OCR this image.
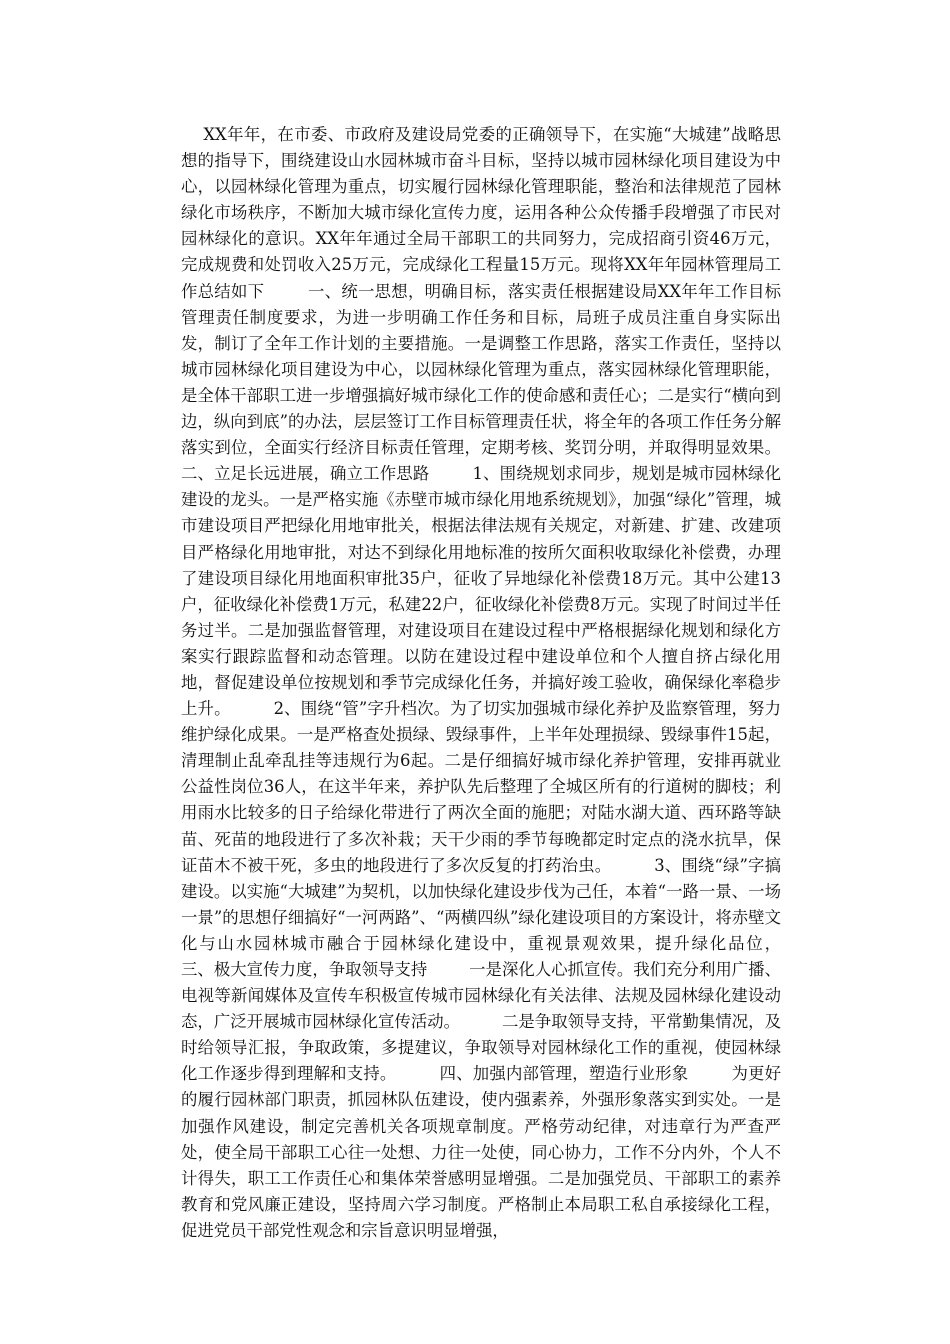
XX年年，在市委、市政府及建设局党委的正确领导下，在实施“大城建”战略思想的指导下，围绕建设山水园林城市奋斗目标，坚持以城市园林绿化项目建设为中心，以园林绿化管理为重点，切实履行园林绿化管理职能，整治和法律规范了园林绿化市场秩序，不断加大城市绿化宣传力度，运用各种公众传播手段增强了市民对园林绿化的意识。XX年年通过全局干部职工的共同努力，完成招商引资46万元，完成规费和处罚收入25万元，完成绿化工程量15万元。现将XX年年园林管理局工作总结如下        一、统一思想，明确目标，落实责任根据建设局XX年年工作目标管理责任制度要求，为进一步明确工作任务和目标，局班子成员注重自身实际出发，制订了全年工作计划的主要措施。一是调整工作思路，落实工作责任，坚持以城市园林绿化项目建设为中心，以园林绿化管理为重点，落实园林绿化管理职能，是全体干部职工进一步增强搞好城市绿化工作的使命感和责任心；二是实行“横向到边，纵向到底”的办法，层层签订工作目标管理责任状，将全年的各项工作任务分解落实到位，全面实行经济目标责任管理，定期考核、奖罚分明，并取得明显效果。        二、立足长远进展，确立工作思路        1、围绕规划求同步，规划是城市园林绿化建设的龙头。一是严格实施《赤壁市城市绿化用地系统规划》，加强“绿化”管理，城市建设项目严把绿化用地审批关，根据法律法规有关规定，对新建、扩建、改建项目严格绿化用地审批，对达不到绿化用地标准的按所欠面积收取绿化补偿费，办理了建设项目绿化用地面积审批35户，征收了异地绿化补偿费18万元。其中公建13户，征收绿化补偿费1万元，私建22户，征收绿化补偿费8万元。实现了时间过半任务过半。二是加强监督管理，对建设项目在建设过程中严格根据绿化规划和绿化方案实行跟踪监督和动态管理。以防在建设过程中建设单位和个人擅自挤占绿化用地，督促建设单位按规划和季节完成绿化任务，并搞好竣工验收，确保绿化率稳步上升。        2、围绕“管”字升档次。为了切实加强城市绿化养护及监察管理，努力维护绿化成果。一是严格查处损绿、毁绿事件，上半年处理损绿、毁绿事件15起，清理制止乱牵乱挂等违规行为6起。二是仔细搞好城市绿化养护管理，安排再就业公益性岗位36人，在这半年来，养护队先后整理了全城区所有的行道树的脚枝；利用雨水比较多的日子给绿化带进行了两次全面的施肥；对陆水湖大道、西环路等缺苗、死苗的地段进行了多次补栽；天干少雨的季节每晚都定时定点的浇水抗旱，保证苗木不被干死，多虫的地段进行了多次反复的打药治虫。        3、围绕“绿”字搞建设。以实施“大城建”为契机，以加快绿化建设步伐为己任，本着“一路一景、一场一景”的思想仔细搞好“一河两路”、“两横四纵”绿化建设项目的方案设计，将赤壁文化与山水园林城市融合于园林绿化建设中，重视景观效果，提升绿化品位，        三、极大宣传力度，争取领导支持        一是深化人心抓宣传。我们充分利用广播、电视等新闻媒体及宣传车积极宣传城市园林绿化有关法律、法规及园林绿化建设动态，广泛开展城市园林绿化宣传活动。        二是争取领导支持，平常勤集情况，及时给领导汇报，争取政策，多提建议，争取领导对园林绿化工作的重视，使园林绿化工作逐步得到理解和支持。        四、加强内部管理，塑造行业形象        为更好的履行园林部门职责，抓园林队伍建设，使内强素养，外强形象落实到实处。一是加强作风建设，制定完善机关各项规章制度。严格劳动纪律，对违章行为严查严处，使全局干部职工心往一处想、力往一处使，同心协力，工作不分内外，个人不计得失，职工工作责任心和集体荣誉感明显增强。二是加强党员、干部职工的素养教育和党风廉正建设，坚持周六学习制度。严格制止本局职工私自承接绿化工程，促进党员干部党性观念和宗旨意识明显增强，
